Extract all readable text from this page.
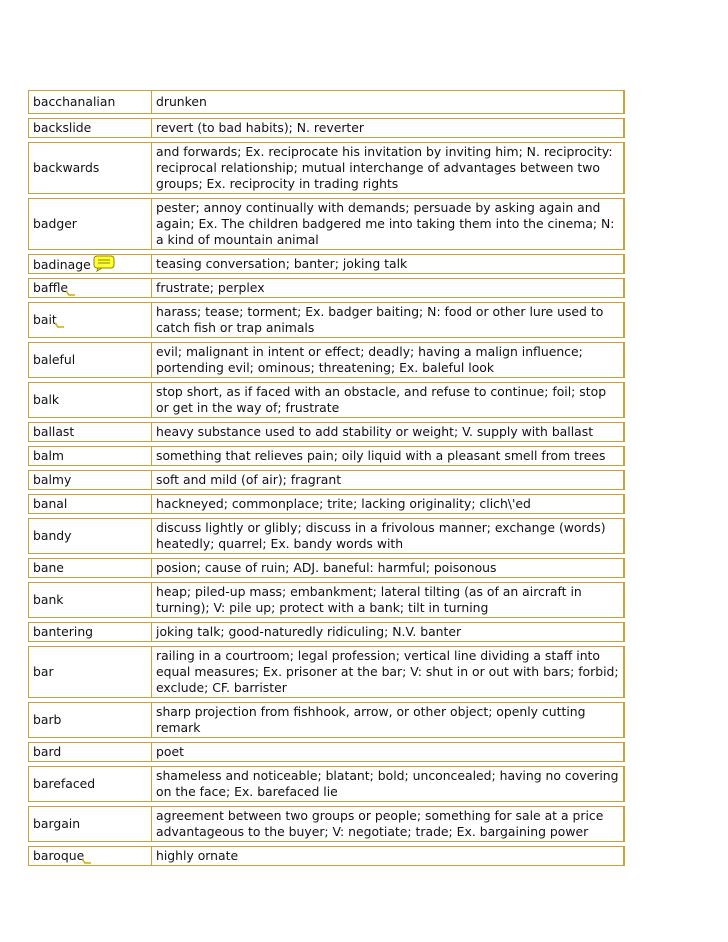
bacchanalian	drunken
backslide	revert (to bad habits); N. reverter
backwards	and forwards; Ex. reciprocate his invitation by inviting him; N. reciprocity: reciprocal relationship; mutual interchange of advantages between two groups; Ex. reciprocity in trading rights
badger	pester; annoy continually with demands; persuade by asking again and again; Ex. The children badgered me into taking them into the cinema; N: a kind of mountain animal
badinage	teasing conversation; banter; joking talk
baffle	frustrate; perplex
bait	harass; tease; torment; Ex. badger baiting; N: food or other lure used to catch fish or trap animals
baleful	evil; malignant in intent or effect; deadly; having a malign influence; portending evil; ominous; threatening; Ex. baleful look
balk	stop short, as if faced with an obstacle, and refuse to continue; foil; stop or get in the way of; frustrate
ballast	heavy substance used to add stability or weight; V. supply with ballast
balm	something that relieves pain; oily liquid with a pleasant smell from trees
balmy	soft and mild (of air); fragrant
banal	hackneyed; commonplace; trite; lacking originality; clich\'ed
bandy	discuss lightly or glibly; discuss in a frivolous manner; exchange (words) heatedly; quarrel; Ex. bandy words with
bane	posion; cause of ruin; ADJ. baneful: harmful; poisonous
bank	heap; piled-up mass; embankment; lateral tilting (as of an aircraft in turning); V: pile up; protect with a bank; tilt in turning
bantering	joking talk; good-naturedly ridiculing; N.V. banter
bar	railing in a courtroom; legal profession; vertical line dividing a staff into equal measures; Ex. prisoner at the bar; V: shut in or out with bars; forbid; exclude; CF. barrister
barb	sharp projection from fishhook, arrow, or other object; openly cutting remark
bard	poet
barefaced	shameless and noticeable; blatant; bold; unconcealed; having no covering on the face; Ex. barefaced lie
bargain	agreement between two groups or people; something for sale at a price advantageous to the buyer; V: negotiate; trade; Ex. bargaining power
baroque	highly ornate
